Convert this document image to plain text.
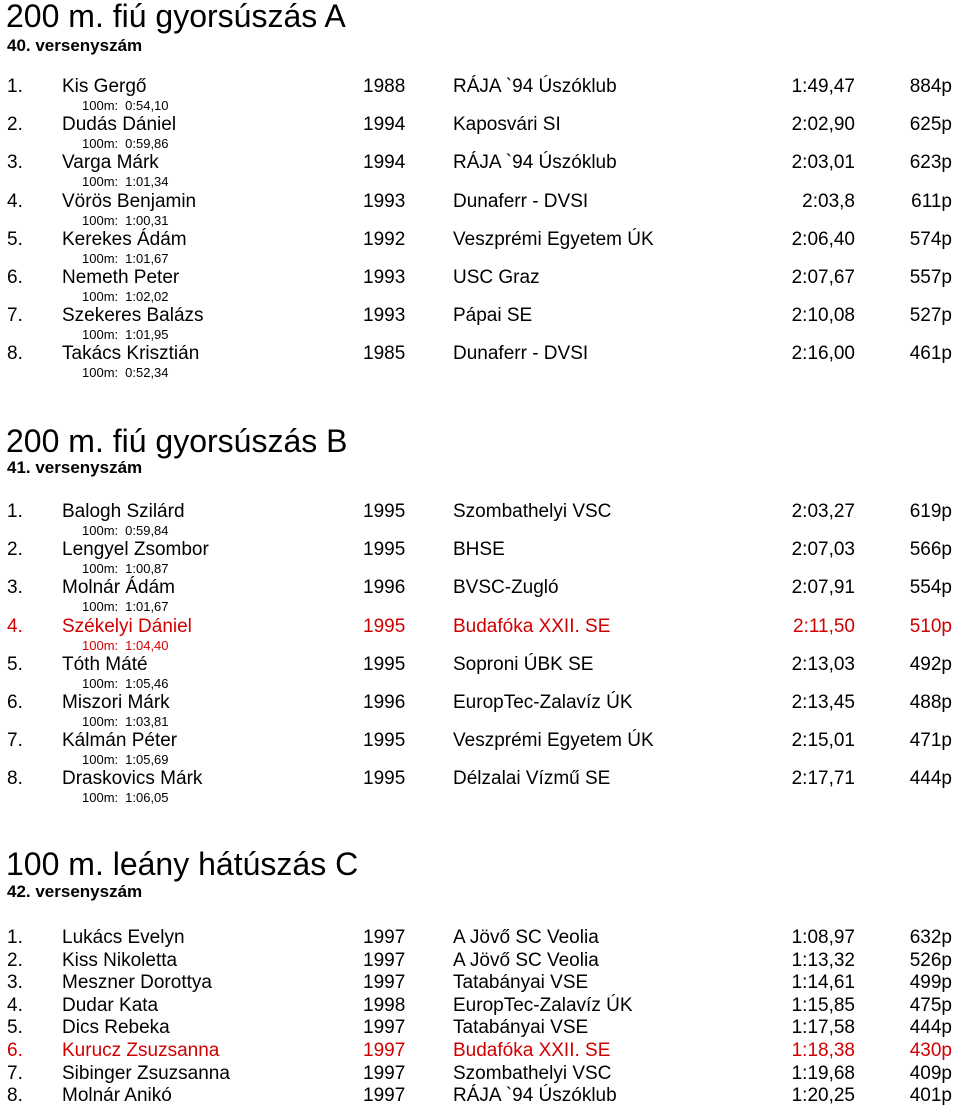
200 m. fiú gyorsúszás A
40. versenyszám
1. Kis Gergő	1988	RÁJA `94 Úszóklub	1:49,47	884p
100m: 0:54,10
2. Dudás Dániel	1994	Kaposvári SI	2:02,90	625p
100m: 0:59,86
3. Varga Márk	1994	RÁJA `94 Úszóklub	2:03,01	623p
100m: 1:01,34
4. Vörös Benjamin	1993	Dunaferr - DVSI	2:03,8	611p
100m: 1:00,31
5. Kerekes Ádám	1992	Veszprémi Egyetem ÚK	2:06,40	574p
100m: 1:01,67
6. Nemeth Peter	1993	USC Graz	2:07,67	557p
100m: 1:02,02
7. Szekeres Balázs	1993	Pápai SE	2:10,08	527p
100m: 1:01,95
8. Takács Krisztián	1985	Dunaferr - DVSI	2:16,00	461p
100m: 0:52,34
200 m. fiú gyorsúszás B
41. versenyszám
1. Balogh Szilárd	1995	Szombathelyi VSC	2:03,27	619p
100m: 0:59,84
2. Lengyel Zsombor	1995	BHSE	2:07,03	566p
100m: 1:00,87
3. Molnár Ádám	1996	BVSC-Zugló	2:07,91	554p
100m: 1:01,67
4. Székelyi Dániel	1995	Budafóka XXII. SE	2:11,50	510p
100m: 1:04,40
5. Tóth Máté	1995	Soproni ÚBK SE	2:13,03	492p
100m: 1:05,46
6. Miszori Márk	1996	EuropTec-Zalavíz ÚK	2:13,45	488p
100m: 1:03,81
7. Kálmán Péter	1995	Veszprémi Egyetem ÚK	2:15,01	471p
100m: 1:05,69
8. Draskovics Márk	1995	Délzalai Vízmű SE	2:17,71	444p
100m: 1:06,05
100 m. leány hátúszás C
42. versenyszám
1. Lukács Evelyn	1997	A Jövő SC Veolia	1:08,97	632p
2. Kiss Nikoletta	1997	A Jövő SC Veolia	1:13,32	526p
3. Meszner Dorottya	1997	Tatabányai VSE	1:14,61	499p
4. Dudar Kata	1998	EuropTec-Zalavíz ÚK	1:15,85	475p
5. Dics Rebeka	1997	Tatabányai VSE	1:17,58	444p
6. Kurucz Zsuzsanna	1997	Budafóka XXII. SE	1:18,38	430p
7. Sibinger Zsuzsanna	1997	Szombathelyi VSC	1:19,68	409p
8. Molnár Anikó	1997	RÁJA `94 Úszóklub	1:20,25	401p
